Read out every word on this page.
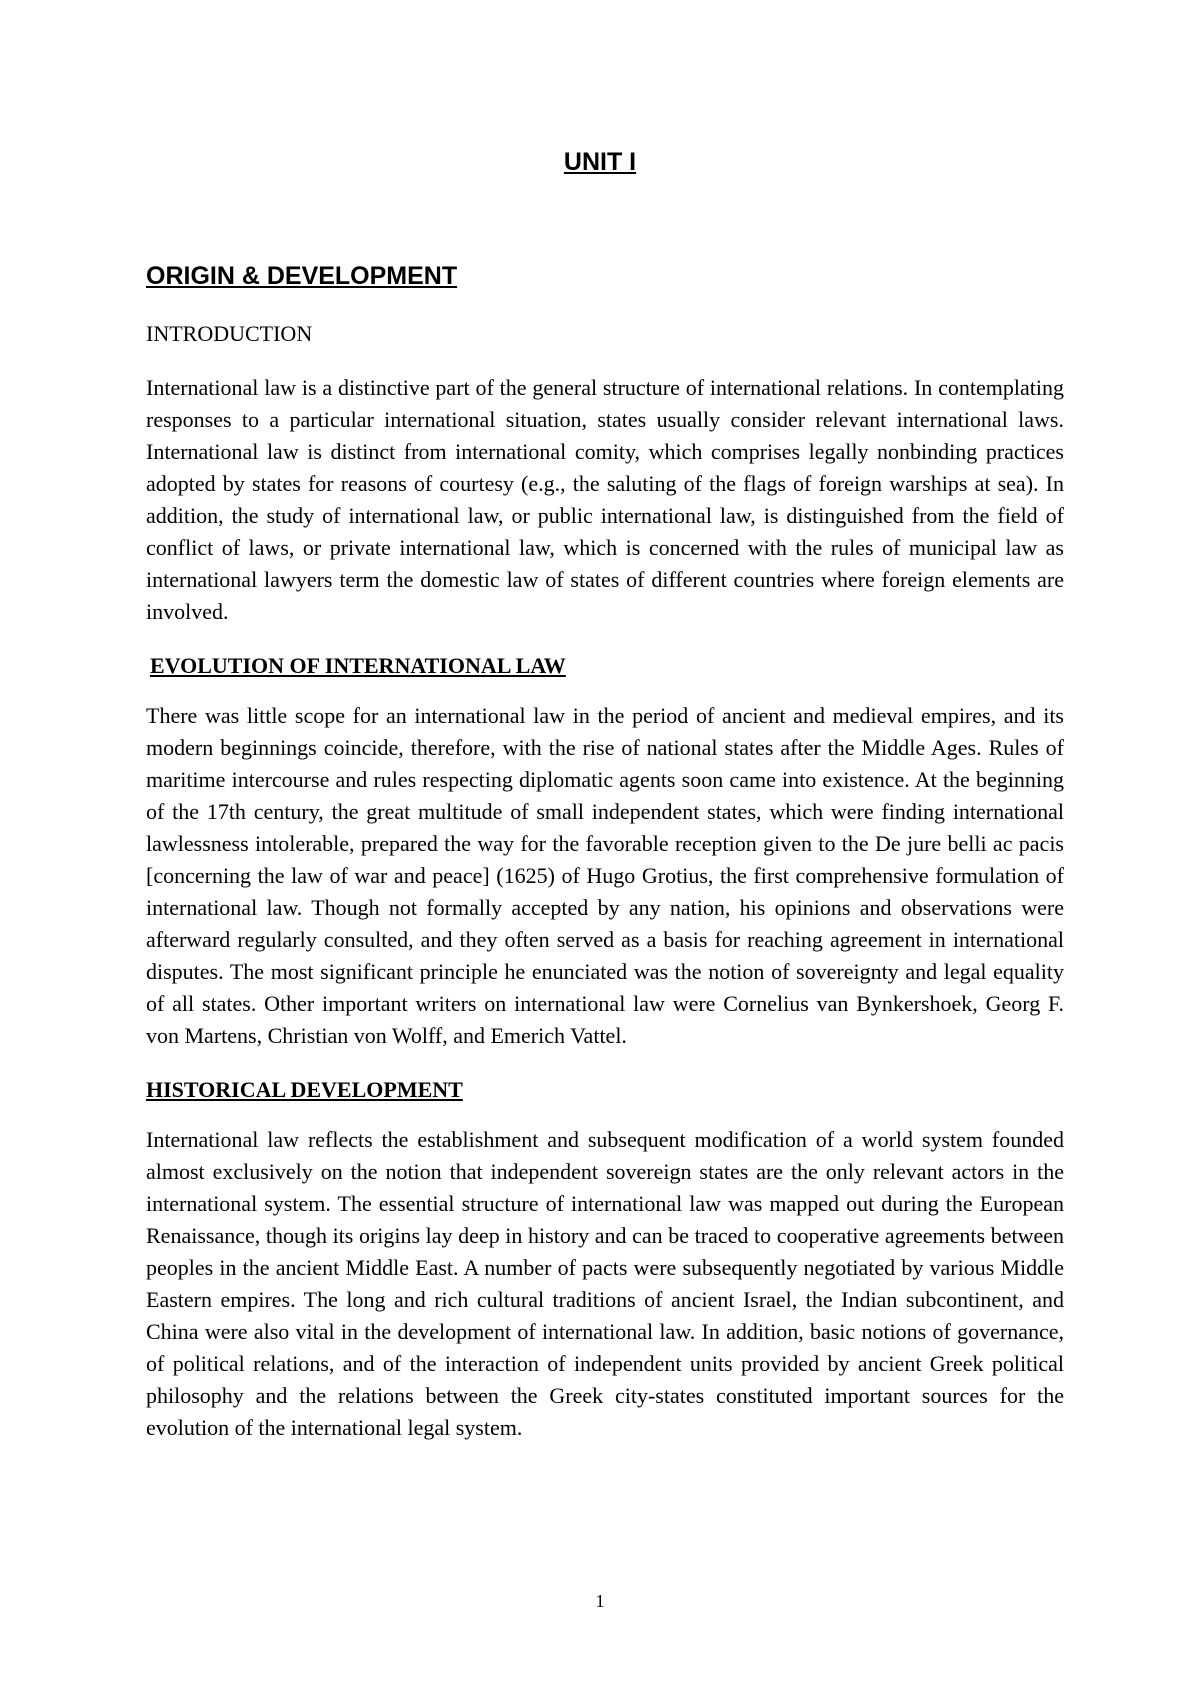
UNIT I
ORIGIN & DEVELOPMENT

INTRODUCTION

International law is a distinctive part of the general structure of international relations. In contemplating responses to a particular international situation, states usually consider relevant international laws. International law is distinct from international comity, which comprises legally nonbinding practices adopted by states for reasons of courtesy (e.g., the saluting of the flags of foreign warships at sea). In addition, the study of international law, or public international law, is distinguished from the field of conflict of laws, or private international law, which is concerned with the rules of municipal law as international lawyers term the domestic law of states of different countries where foreign elements are involved.

EVOLUTION OF INTERNATIONAL LAW

There was little scope for an international law in the period of ancient and medieval empires, and its modern beginnings coincide, therefore, with the rise of national states after the Middle Ages. Rules of maritime intercourse and rules respecting diplomatic agents soon came into existence. At the beginning of the 17th century, the great multitude of small independent states, which were finding international lawlessness intolerable, prepared the way for the favorable reception given to the De jure belli ac pacis [concerning the law of war and peace] (1625) of Hugo Grotius, the first comprehensive formulation of international law. Though not formally accepted by any nation, his opinions and observations were afterward regularly consulted, and they often served as a basis for reaching agreement in international disputes. The most significant principle he enunciated was the notion of sovereignty and legal equality of all states. Other important writers on international law were Cornelius van Bynkershoek, Georg F. von Martens, Christian von Wolff, and Emerich Vattel.

HISTORICAL DEVELOPMENT

International law reflects the establishment and subsequent modification of a world system founded almost exclusively on the notion that independent sovereign states are the only relevant actors in the international system. The essential structure of international law was mapped out during the European Renaissance, though its origins lay deep in history and can be traced to cooperative agreements between peoples in the ancient Middle East. A number of pacts were subsequently negotiated by various Middle Eastern empires. The long and rich cultural traditions of ancient Israel, the Indian subcontinent, and China were also vital in the development of international law. In addition, basic notions of governance, of political relations, and of the interaction of independent units provided by ancient Greek political philosophy and the relations between the Greek city-states constituted important sources for the evolution of the international legal system.

1
